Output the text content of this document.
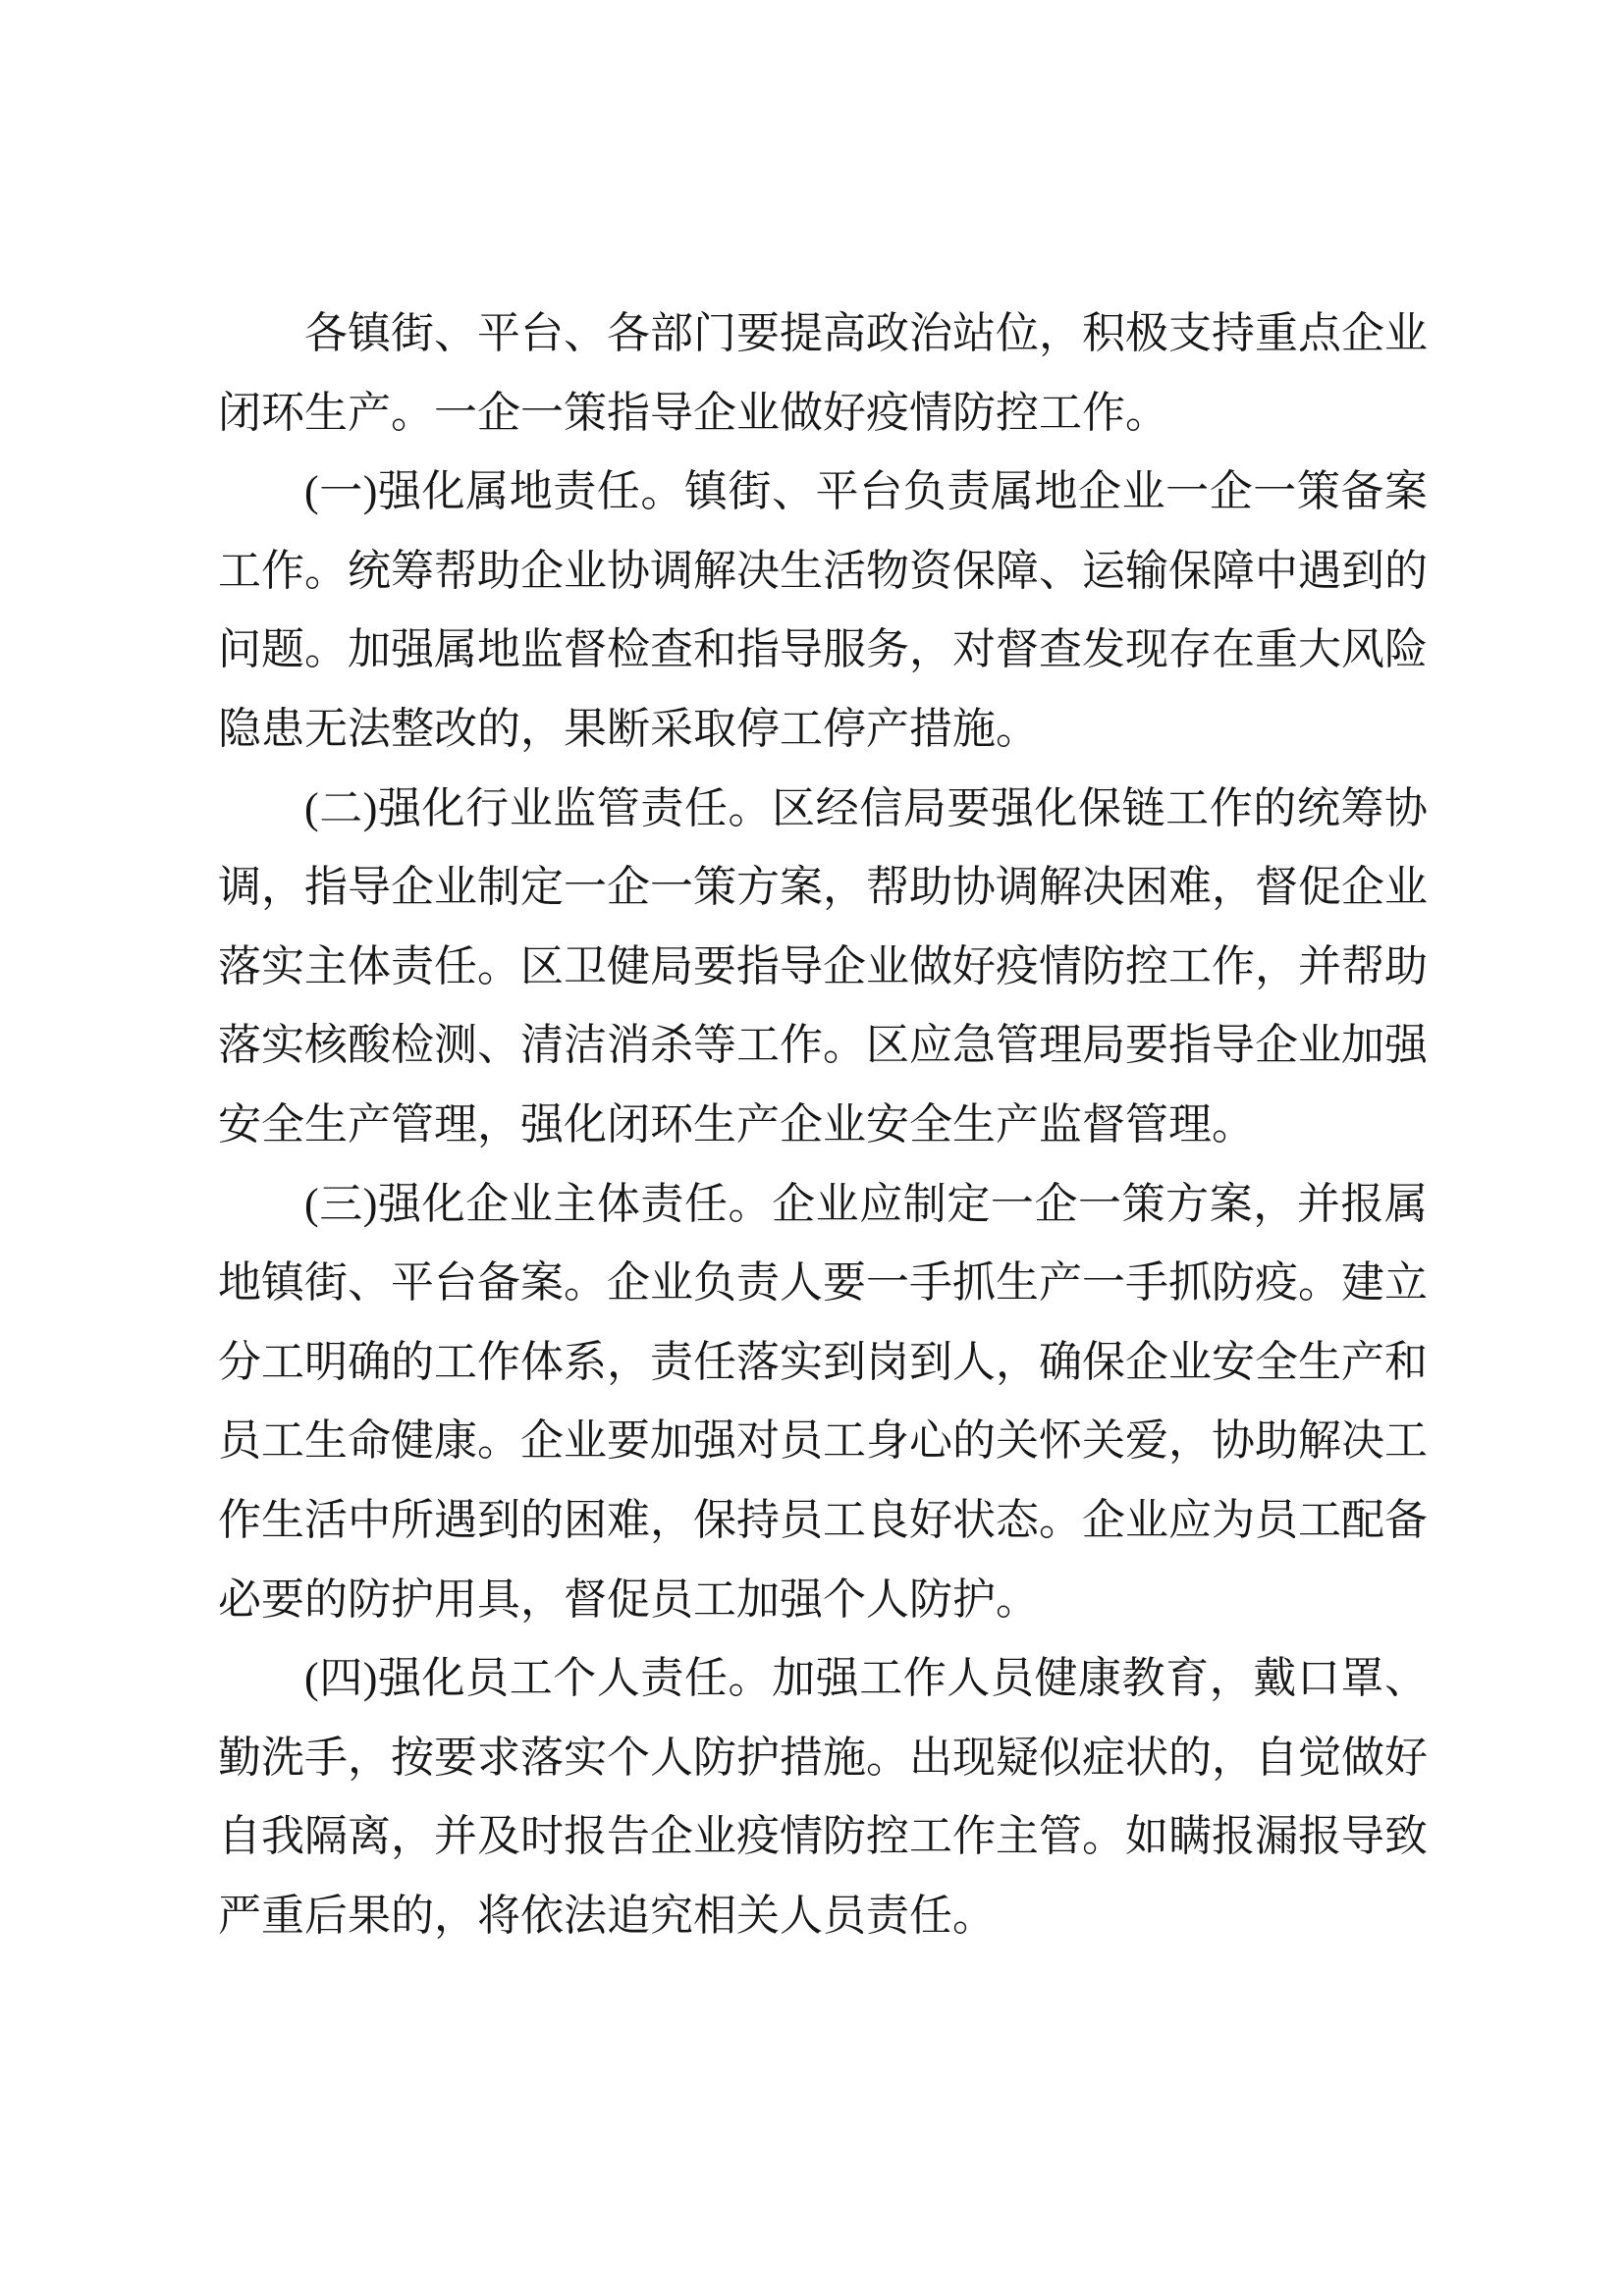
各镇街、平台、各部门要提高政治站位，积极支持重点企业
闭环生产。一企一策指导企业做好疫情防控工作。

(一)强化属地责任。镇街、平台负责属地企业一企一策备案
工作。统筹帮助企业协调解决生活物资保障、运输保障中遇到的
问题。加强属地监督检查和指导服务，对督查发现存在重大风险
隐患无法整改的，果断采取停工停产措施。

(二)强化行业监管责任。区经信局要强化保链工作的统筹协
调，指导企业制定一企一策方案，帮助协调解决困难，督促企业
落实主体责任。区卫健局要指导企业做好疫情防控工作，并帮助
落实核酸检测、清洁消杀等工作。区应急管理局要指导企业加强
安全生产管理，强化闭环生产企业安全生产监督管理。

(三)强化企业主体责任。企业应制定一企一策方案，并报属
地镇街、平台备案。企业负责人要一手抓生产一手抓防疫。建立
分工明确的工作体系，责任落实到岗到人，确保企业安全生产和
员工生命健康。企业要加强对员工身心的关怀关爱，协助解决工
作生活中所遇到的困难，保持员工良好状态。企业应为员工配备
必要的防护用具，督促员工加强个人防护。

(四)强化员工个人责任。加强工作人员健康教育，戴口罩、
勤洗手，按要求落实个人防护措施。出现疑似症状的，自觉做好
自我隔离，并及时报告企业疫情防控工作主管。如瞒报漏报导致
严重后果的，将依法追究相关人员责任。
